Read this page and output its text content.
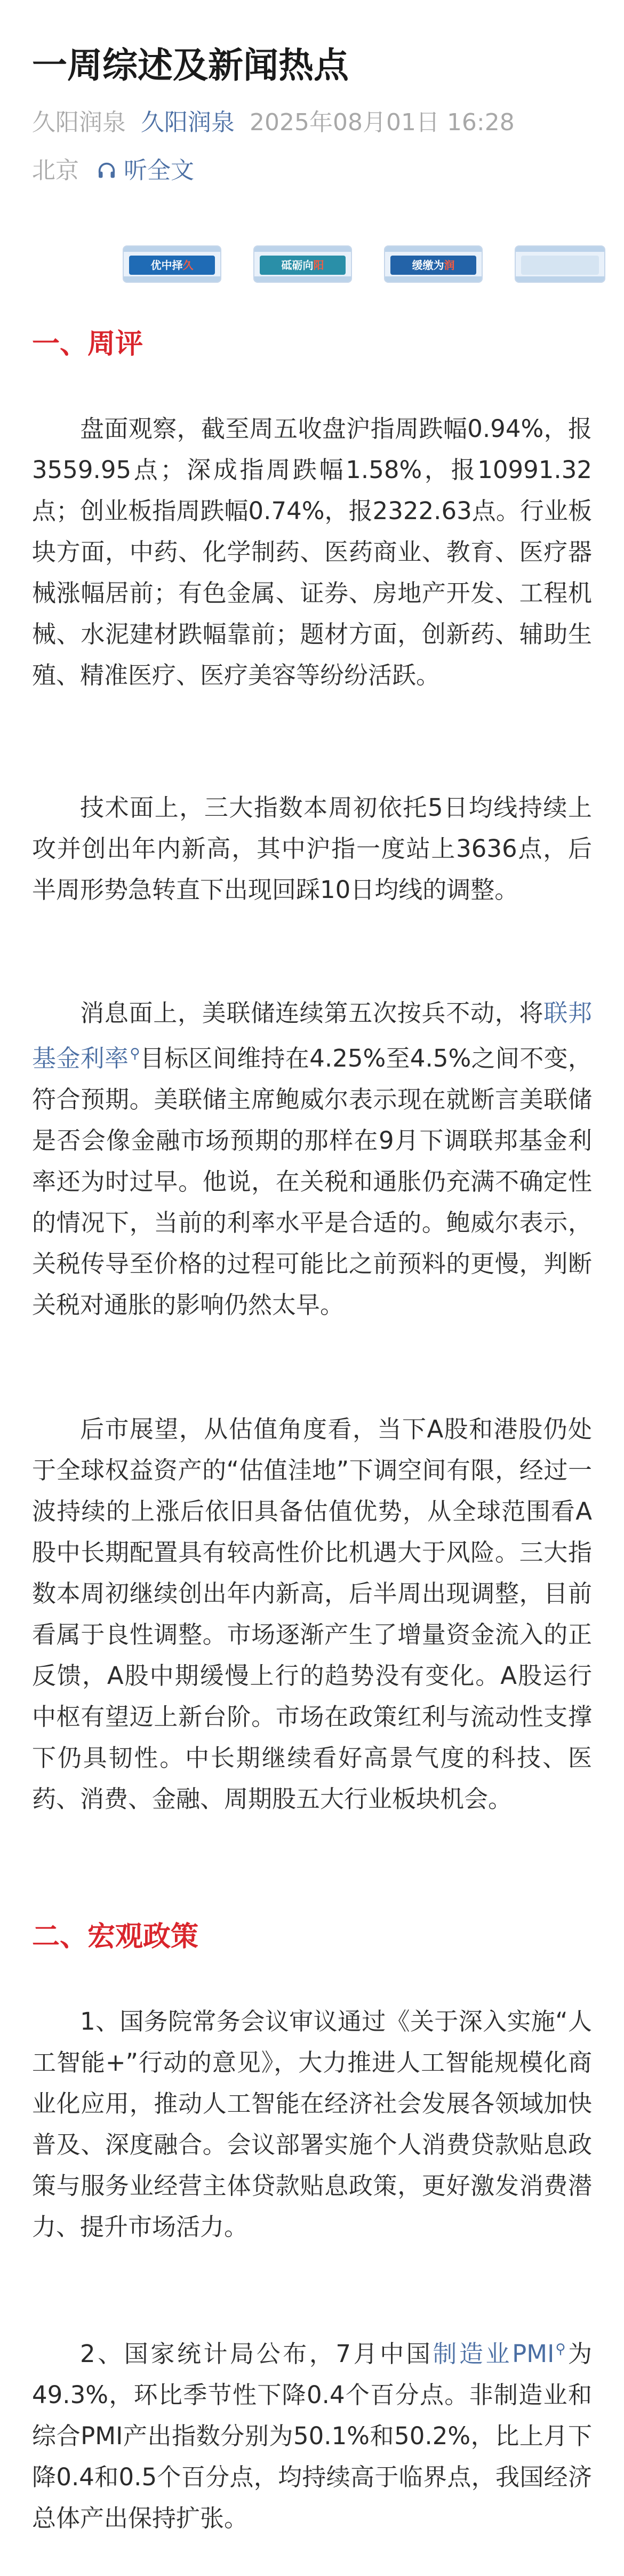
一周综述及新闻热点
久阳润泉 久阳润泉 2025年08月01日 16:28
北京 听全文
优中择久	砥砺向阳	缓缴为润
一、周评

盘面观察，截至周五收盘沪指周跌幅0.94%，报3559.95点；深成指周跌幅1.58%，报10991.32点；创业板指周跌幅0.74%，报2322.63点。行业板块方面，中药、化学制药、医药商业、教育、医疗器械涨幅居前；有色金属、证券、房地产开发、工程机械、水泥建材跌幅靠前；题材方面，创新药、辅助生殖、精准医疗、医疗美容等纷纷活跃。

技术面上，三大指数本周初依托5日均线持续上攻并创出年内新高，其中沪指一度站上3636点，后半周形势急转直下出现回踩10日均线的调整。

消息面上，美联储连续第五次按兵不动，将联邦基金利率⚲目标区间维持在4.25%至4.5%之间不变，符合预期。美联储主席鲍威尔表示现在就断言美联储是否会像金融市场预期的那样在9月下调联邦基金利率还为时过早。他说，在关税和通胀仍充满不确定性的情况下，当前的利率水平是合适的。鲍威尔表示，关税传导至价格的过程可能比之前预料的更慢，判断关税对通胀的影响仍然太早。

后市展望，从估值角度看，当下A股和港股仍处于全球权益资产的“估值洼地”下调空间有限，经过一波持续的上涨后依旧具备估值优势，从全球范围看A股中长期配置具有较高性价比机遇大于风险。三大指数本周初继续创出年内新高，后半周出现调整，目前看属于良性调整。市场逐渐产生了增量资金流入的正反馈，A股中期缓慢上行的趋势没有变化。A股运行中枢有望迈上新台阶。市场在政策红利与流动性支撑下仍具韧性。中长期继续看好高景气度的科技、医药、消费、金融、周期股五大行业板块机会。

二、宏观政策

1、国务院常务会议审议通过《关于深入实施“人工智能+”行动的意见》，大力推进人工智能规模化商业化应用，推动人工智能在经济社会发展各领域加快普及、深度融合。会议部署实施个人消费贷款贴息政策与服务业经营主体贷款贴息政策，更好激发消费潜力、提升市场活力。

2、国家统计局公布，7月中国制造业PMI⚲为49.3%，环比季节性下降0.4个百分点。非制造业和综合PMI产出指数分别为50.1%和50.2%，比上月下降0.4和0.5个百分点，均持续高于临界点，我国经济总体产出保持扩张。
